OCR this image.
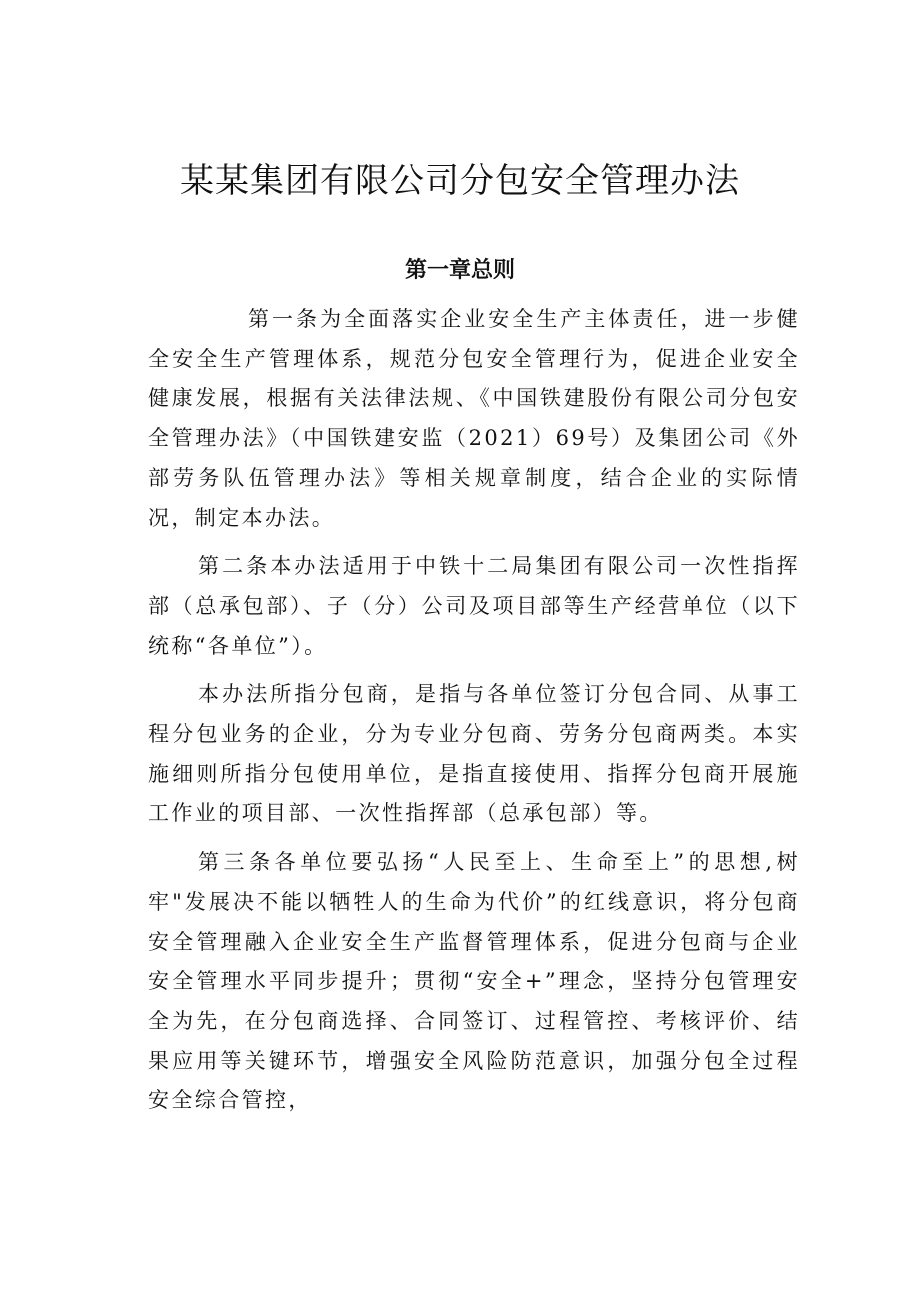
某某集团有限公司分包安全管理办法
第一章总则

第一条为全面落实企业安全生产主体责任，进一步健全安全生产管理体系，规范分包安全管理行为，促进企业安全健康发展，根据有关法律法规、《中国铁建股份有限公司分包安全管理办法》（中国铁建安监（2021）69号）及集团公司《外部劳务队伍管理办法》等相关规章制度，结合企业的实际情况，制定本办法。

第二条本办法适用于中铁十二局集团有限公司一次性指挥部（总承包部）、子（分）公司及项目部等生产经营单位（以下统称“各单位”）。

本办法所指分包商，是指与各单位签订分包合同、从事工程分包业务的企业，分为专业分包商、劳务分包商两类。本实施细则所指分包使用单位，是指直接使用、指挥分包商开展施工作业的项目部、一次性指挥部（总承包部）等。

第三条各单位要弘扬“人民至上、生命至上”的思想,树牢"发展决不能以牺牲人的生命为代价”的红线意识，将分包商安全管理融入企业安全生产监督管理体系，促进分包商与企业安全管理水平同步提升；贯彻“安全+”理念，坚持分包管理安全为先，在分包商选择、合同签订、过程管控、考核评价、结果应用等关键环节，增强安全风险防范意识，加强分包全过程安全综合管控，
